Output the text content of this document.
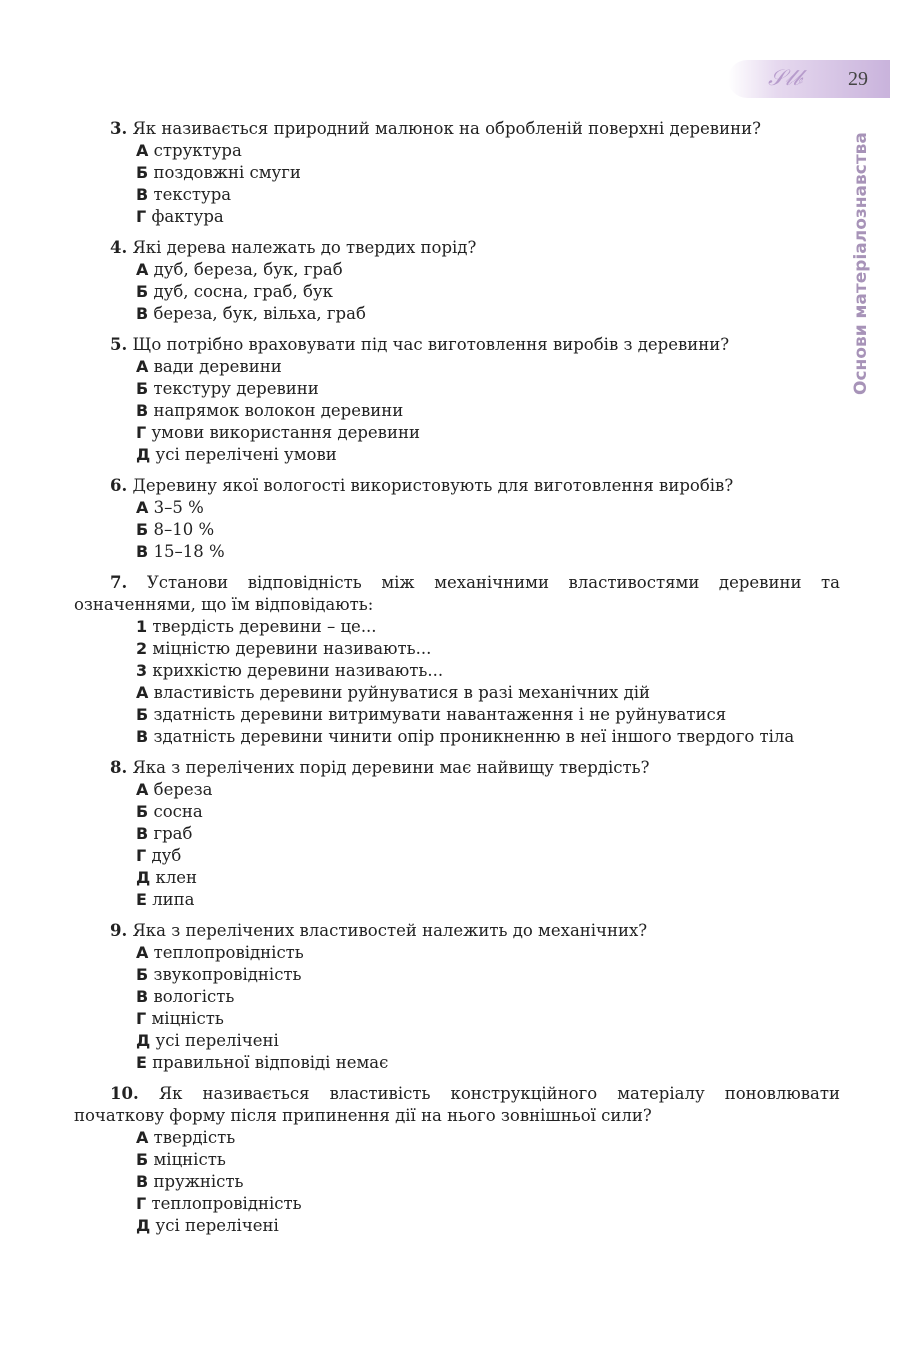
𝒮𝓁𝒷 29
Основи матеріалознавства
3. Як називається природний малюнок на обробленій поверхні деревини?
А структура
Б поздовжні смуги
В текстура
Г фактура
4. Які дерева належать до твердих порід?
А дуб, береза, бук, граб
Б дуб, сосна, граб, бук
В береза, бук, вільха, граб
5. Що потрібно враховувати під час виготовлення виробів з деревини?
А вади деревини
Б текстуру деревини
В напрямок волокон деревини
Г умови використання деревини
Д усі перелічені умови
6. Деревину якої вологості використовують для виготовлення виробів?
А 3–5 %
Б 8–10 %
В 15–18 %
7. Установи відповідність між механічними властивостями деревини та означеннями, що їм відповідають:
1 твердість деревини – це...
2 міцністю деревини називають...
3 крихкістю деревини називають...
А властивість деревини руйнуватися в разі механічних дій
Б здатність деревини витримувати навантаження і не руйнуватися
В здатність деревини чинити опір проникненню в неї іншого твердого тіла
8. Яка з перелічених порід деревини має найвищу твердість?
А береза
Б сосна
В граб
Г дуб
Д клен
Е липа
9. Яка з перелічених властивостей належить до механічних?
А теплопровідність
Б звукопровідність
В вологість
Г міцність
Д усі перелічені
Е правильної відповіді немає
10. Як називається властивість конструкційного матеріалу поновлювати початкову форму після припинення дії на нього зовнішньої сили?
А твердість
Б міцність
В пружність
Г теплопровідність
Д усі перелічені
